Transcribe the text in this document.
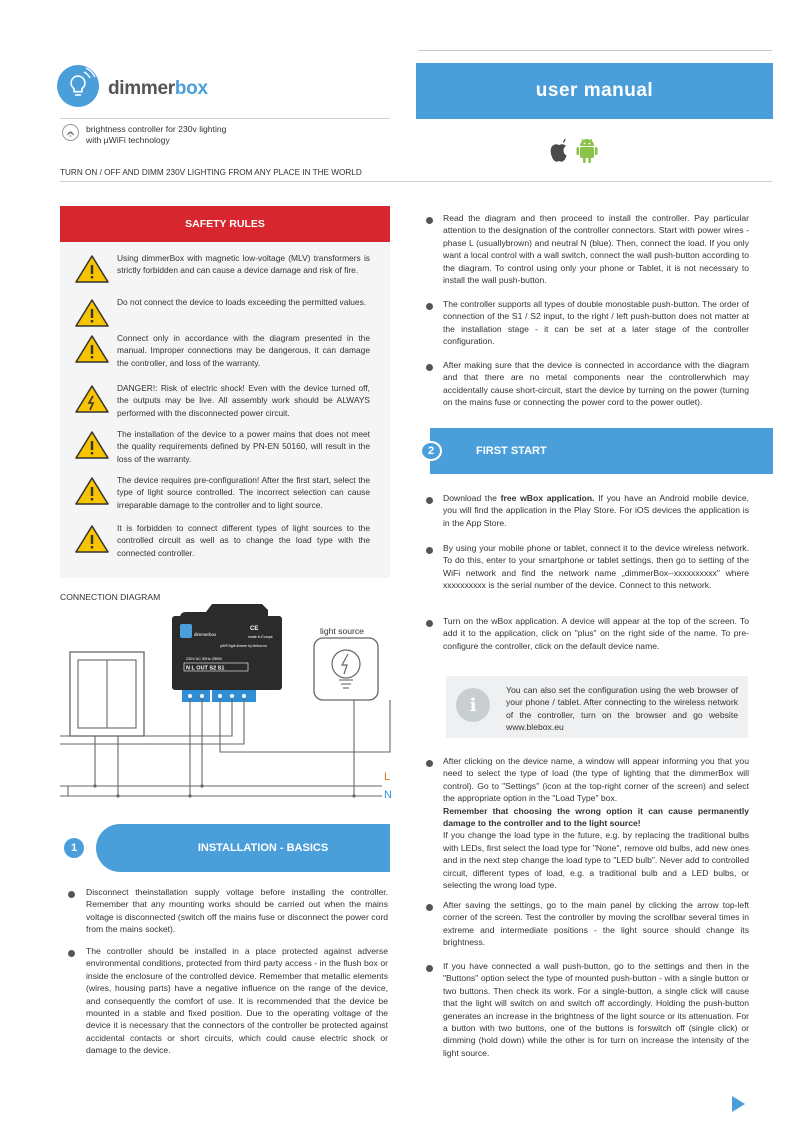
dimmerbox	user manual
brightness controller for 230v lighting
with µWiFi technology
TURN ON / OFF AND DIMM 230V LIGHTING FROM ANY PLACE IN THE WORLD
SAFETY RULES
Using dimmerBox with magnetic low-voltage (MLV) transformers is strictly forbidden and can cause a device damage and risk of fire.
Do not connect the device to loads exceeding the permitted values.
Connect only in accordance with the diagram presented in the manual. Improper connections may be dangerous, it can damage the controller, and loss of the warranty.
DANGER!: Risk of electric shock! Even with the device turned off, the outputs may be live. All assembly work should be ALWAYS performed with the disconnected power circuit.
The installation of the device to a power mains that does not meet the quality requirements defined by PN-EN 50160, will result in the loss of the warranty.
The device requires pre-configuration! After the first start, select the type of light source controlled. The incorrect selection can cause irreparable damage to the controller and to light source.
It is forbidden to connect different types of light sources to the controlled circuit as well as to change the load type with the connected controller.
CONNECTION DIAGRAM
dimmerbox
CE
made in Europe
µWiFi light dimmer by blebox.eu
230V AC 50Hz 250W
N L OUT S2 S1
light source
L
N
1	INSTALLATION - BASICS
Disconnect theinstallation supply voltage before installing the controller. Remember that any mounting works should be carried out when the mains voltage is disconnected (switch off the mains fuse or disconnect the power cord from the mains socket).
The controller should be installed in a place protected against adverse environmental conditions, protected from third party access - in the flush box or inside the enclosure of the controlled device. Remember that metallic elements (wires, housing parts) have a negative influence on the range of the device, and consequently the comfort of use. It is recommended that the device be mounted in a stable and fixed position. Due to the operating voltage of the device it is necessary that the connectors of the controller be protected against accidental contacts or short circuits, which could cause electric shock or damage to the device.
Read the diagram and then proceed to install the controller. Pay particular attention to the designation of the controller connectors. Start with power wires - phase L (usuallybrown) and neutral N (blue). Then, connect the load. If you only want a local control with a wall switch, connect the wall push-button according to the diagram. To control using only your phone or Tablet, it is not necessary to install the wall push-button.
The controller supports all types of double monostable push-button. The order of connection of the S1 / S2 input, to the right / left push-button does not matter at the installation stage - it can be set at a later stage of the controller configuration.
After making sure that the device is connected in accordance with the diagram and that there are no metal components near the controllerwhich may accidentally cause short-circuit, start the device by turning on the power (turning on the mains fuse or connecting the power cord to the power outlet).
FIRST START
2
Download the free wBox application. If you have an Android mobile device, you will find the application in the Play Store. For iOS devices the application is in the App Store.
By using your mobile phone or tablet, connect it to the device wireless network. To do this, enter to your smartphone or tablet settings, then go to setting of the WiFi network and find the network name „dimmerBox--xxxxxxxxxx" where xxxxxxxxxx is the serial number of the device. Connect to this network.
Turn on the wBox application. A device will appear at the top of the screen. To add it to the application, click on "plus" on the right side of the name. To pre-configure the controller, click on the default device name.
i
You can also set the configuration using the web browser of your phone / tablet. After connecting to the wireless network of the controller, turn on the browser and go website www.blebox.eu
After clicking on the device name, a window will appear informing you that you need to select the type of load (the type of lighting that the dimmerBox will control). Go to "Settings" (icon at the top-right corner of the screen) and select the appropriate option in the "Load Type" box.
Remember that choosing the wrong option it can cause permanently damage to the controller and to the light source!
If you change the load type in the future, e.g. by replacing the traditional bulbs with LEDs, first select the load type for "None", remove old bulbs, add new ones and in the next step change the load type to "LED bulb". Never add to controlled circuit, different types of load, e.g. a traditional bulb and a LED bulbs, or selecting the wrong load type.
After saving the settings, go to the main panel by clicking the arrow top-left corner of the screen. Test the controller by moving the scrollbar several times in extreme and intermediate positions - the light source should change its brightness.
If you have connected a wall push-button, go to the settings and then in the "Buttons" option select the type of mounted push-button - with a single button or two buttons. Then check its work. For a single-button, a single click will cause that the light will switch on and switch off accordingly. Holding the push-button generates an increase in the brightness of the light source or its attenuation. For a button with two buttons, one of the buttons is forswitch off (single click) or dimming (hold down) while the other is for turn on increase the intensity of the light source.
